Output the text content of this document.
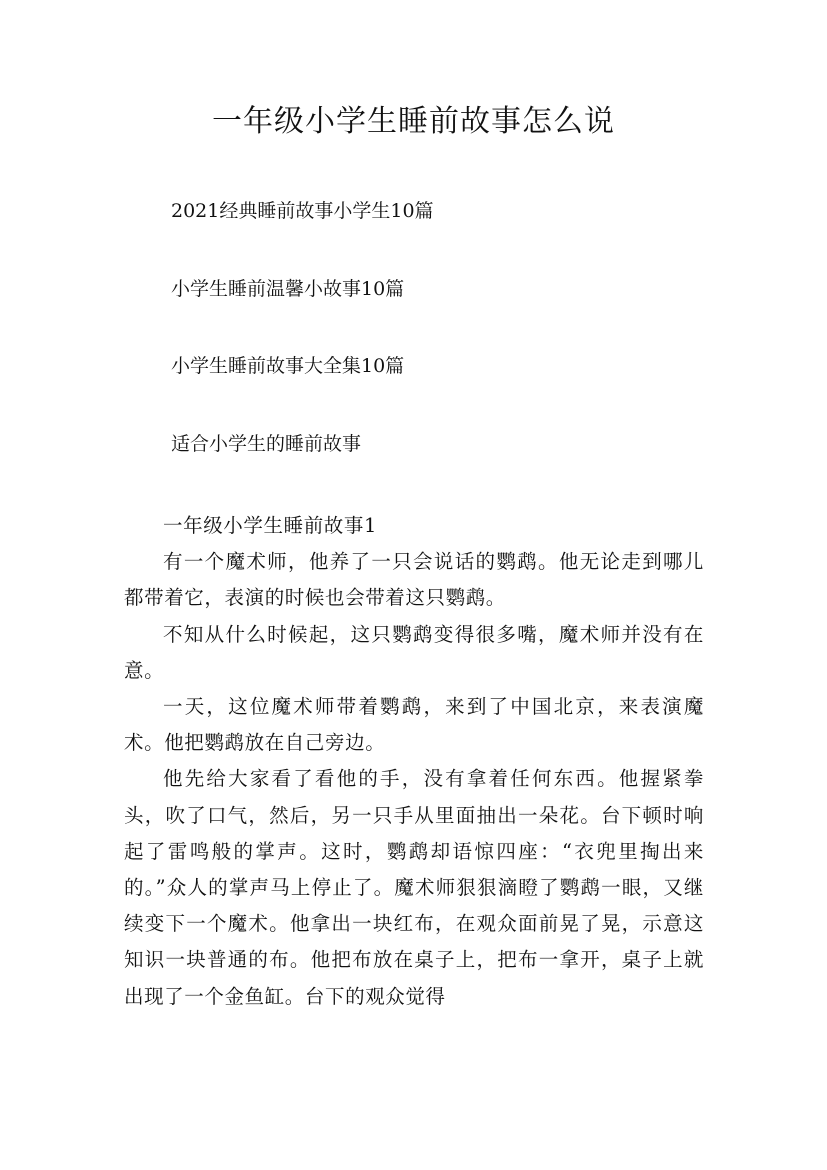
一年级小学生睡前故事怎么说

2021经典睡前故事小学生10篇

小学生睡前温馨小故事10篇

小学生睡前故事大全集10篇

适合小学生的睡前故事

一年级小学生睡前故事1

有一个魔术师，他养了一只会说话的鹦鹉。他无论走到哪儿都带着它，表演的时候也会带着这只鹦鹉。

不知从什么时候起，这只鹦鹉变得很多嘴，魔术师并没有在意。

一天，这位魔术师带着鹦鹉，来到了中国北京，来表演魔术。他把鹦鹉放在自己旁边。

他先给大家看了看他的手，没有拿着任何东西。他握紧拳头，吹了口气，然后，另一只手从里面抽出一朵花。台下顿时响起了雷鸣般的掌声。这时，鹦鹉却语惊四座：“衣兜里掏出来的。”众人的掌声马上停止了。魔术师狠狠滴瞪了鹦鹉一眼，又继续变下一个魔术。他拿出一块红布，在观众面前晃了晃，示意这知识一块普通的布。他把布放在桌子上，把布一拿开，桌子上就出现了一个金鱼缸。台下的观众觉得
